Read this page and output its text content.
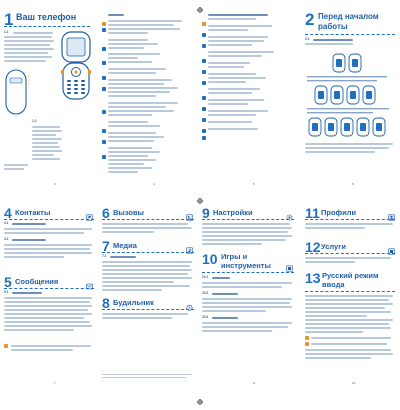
1 Ваш телефон
1.1
•
•
•
1.2
3	4	5
2 Перед началом
работы
2.1
6
4 Контакты
4.1
4.2
5 Сообщения
5.1
7
6 Вызовы
7 Медиа
7.1
8 Будильник
9 Настройки
10 Игры и
инструменты
10.1
10.2
10.3
9
11 Профили
12 Услуги
13 Русский режим
ввода
10
